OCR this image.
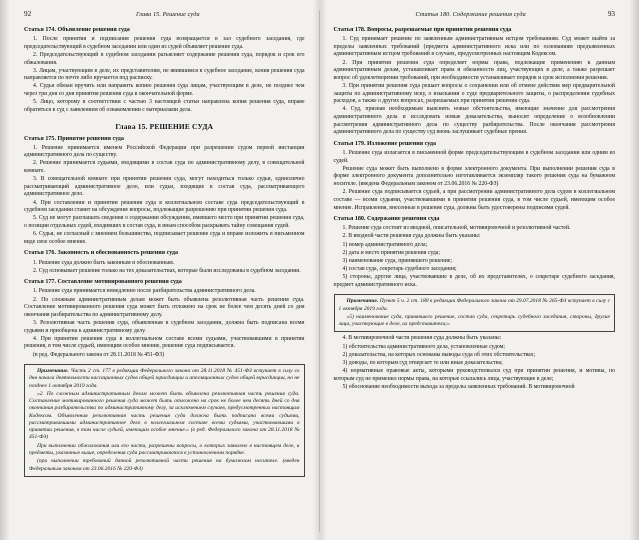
92	Глава 15. Решение суда
Статья 174. Объявление решения суда

1. После принятия и подписания решения суда возвращается в зал судебного заседания, где председательствующий в судебном заседании или один из судей объявляет решение суда.

2. Председательствующий в судебном заседании разъясняет содержание решения суда, порядок и срок его обжалования.

3. Лицам, участвующим в деле, их представителям, не явившимся в судебное заседание, копия решения суда направляется по почте либо вручается под расписку.

4. Судья обязан вручить или направить копию решения суда лицам, участвующим в деле, не позднее чем через три дня со дня принятия решения суда в окончательной форме.

5. Лицо, которому в соответствии с частью 3 настоящей статьи направлена копия решения суда, вправе обратиться в суд с заявлением об ознакомлении с материалами дела.

Глава 15. РЕШЕНИЕ СУДА
Статья 175. Принятие решения суда

1. Решение принимается именем Российской Федерации при разрешении судом первой инстанции административного дела по существу.

2. Решение принимается судьями, входящими в состав суда по административному делу, в совещательной комнате.

3. В совещательной комнате при принятии решения суда, могут находиться только судьи, единолично рассматривающий административное дело, или судьи, входящие в состав суда, рассматривающего административное дело.

4. При составлении и принятии решения суда в коллегиальном составе суда председательствующий в судебном заседании ставит на обсуждение вопросы, подлежащие разрешению при принятии решения суда.

5. Суд не могут разглашать сведения о содержании обсуждения, имевшего место при принятии решения суда, о позиции отдельных судей, входивших в состав суда, и иным способом раскрывать тайну совещания судей.

6. Судья, не согласный с мнением большинства, подписывает решение суда и вправе изложить в письменном виде свое особое мнение.

Статья 176. Законность и обоснованность решения суда

1. Решение суда должно быть законным и обоснованным.

2. Суд основывает решение только на тех доказательствах, которые были исследованы в судебном заседании.

Статья 177. Составление мотивированного решения суда

1. Решение суда принимается немедленно после разбирательства административного дела.

2. По сложным административным делам может быть объявлена резолютивная часть решения суда. Составление мотивированного решения суда может быть отложено на срок не более чем десять дней со дня окончания разбирательства по административному делу.

3. Резолютивная часть решения суда, объявленная в судебном заседании, должна быть подписана всеми судьями и приобщена к административному делу.

4. При принятии решения суда в коллегиальном составе всеми судьями, участвовавшими в принятии решения, в том числе судьей, имеющим особое мнение, решение суда подписывается.

(в ред. Федерального закона от 28.11.2018 № 451-ФЗ)

Примечание. Часть 2 ст. 177 в редакции Федерального закона от 28.11.2018 № 451-ФЗ вступает в силу со дня начала деятельности кассационных судов общей юрисдикции и апелляционных судов общей юрисдикции, но не позднее 1 октября 2019 года.

«2. По сложным административным делам может быть объявлена резолютивная часть решения суда. Составление мотивированного решения суда может быть отложено на срок не более чем десять дней со дня окончания разбирательства по административному делу, за исключением случаев, предусмотренных настоящим Кодексом. Объявленная резолютивная часть решения суда должна быть подписана всеми судьями, рассматривавшими административное дело в коллегиальном составе всеми судьями, участвовавшими в принятии решения, в том числе судьей, имеющим особое мнение.» (в ред. Федерального закона от 28.11.2018 № 451-ФЗ)

При выполнении обжалования или его части, разрешены вопросы, о которых заявлено в настоящем деле, и предметы, указанные выше, определения суда рассматриваются в установленном порядке.

(при выполнении требований данной резолютивной части решения на бумажном носителе. (введен Федеральным законом от 23.06.2016 № 220-ФЗ)

93
Статья 180. Содержание решения суда
Статья 178. Вопросы, разрешаемые при принятии решения суда

1. Суд принимает решение по заявленным административным истцом требованиям. Суд может выйти за пределы заявленных требований (предмета административного иска или по основаниям предъявленных административным истцом требований в случаях, предусмотренных настоящим Кодексом.

2. При принятии решения суда определяет нормы права, подлежащие применению к данным административным делам, устанавливает права и обязанности лиц, участвующих в деле, а также разрешает вопрос об удовлетворении требований, при необходимости устанавливает порядок и срок исполнения решения.

3. При принятии решения суда решает вопросы о сохранении или об отмене действия мер предварительной защиты по административному иску, о взыскании о суде предварительного защиты, о распределении судебных расходов, а также о других вопросах, разрешаемых при принятии решения суда.

4. Суд, признав необходимым выяснить новые обстоятельства, имеющие значение для рассмотрения административного дела и исследовать новые доказательства, выносит определение о возобновлении рассмотрения административного дела по существу разбирательства. После окончания рассмотрения административного дела по существу суд вновь заслушивает судебные прения.

Статья 179. Изложение решения суда

1. Решение суда излагается в письменной форме председательствующим в судебном заседании или одним из судей.

Решение суда может быть выполнено в форме электронного документа. При выполнении решения суда в форме электронного документа дополнительно изготавливается экземпляр такого решения суда на бумажном носителе. (введена Федеральным законом от 23.06.2016 № 220-ФЗ)

2. Решение суда подписывается судьей, а при рассмотрении административного дела судом в коллегиальном составе — всеми судьями, участвовавшими в принятии решения суда, в том числе судьей, имеющим особое мнение. Исправления, внесенные в решение суда, должны быть удостоверены подписями судей.

Статья 180. Содержание решения суда

1. Решение суда состоит из вводной, описательной, мотивировочной и резолютивной частей.

2. В вводной части решения суда должны быть указаны:

1) номер административного дела;

2) дата и место принятия решения суда;

3) наименование суда, принявшего решение;

4) состав суда, секретарь судебного заседания;

5) стороны, другие лица, участвовавшие в деле, об их представителях, о секретаре судебного заседания, предмет административного иска.

Примечание. Пункт 5 ч. 2 ст. 180 в редакции Федерального закона от 29.07.2018 № 265-ФЗ вступает в силу с 1 октября 2019 года.

«5) наименование суда, принявшего решение, состав суда, секретарь судебного заседания, стороны, другие лица, участвующие в деле, их представители;»

4. В мотивировочной части решения суда должны быть указаны:

1) обстоятельства административного дела, установленные судом;

2) доказательства, на которых основаны выводы суда об этих обстоятельствах;

3) доводы, по которым суд отвергает те или иные доказательства;

4) нормативные правовые акты, которыми руководствовался суд при принятии решения, и мотивы, по которым суд не применил нормы права, на которые ссылались лица, участвующие в деле;

5) обоснование необходимости выхода за пределы заявленных требований. В мотивировочной
